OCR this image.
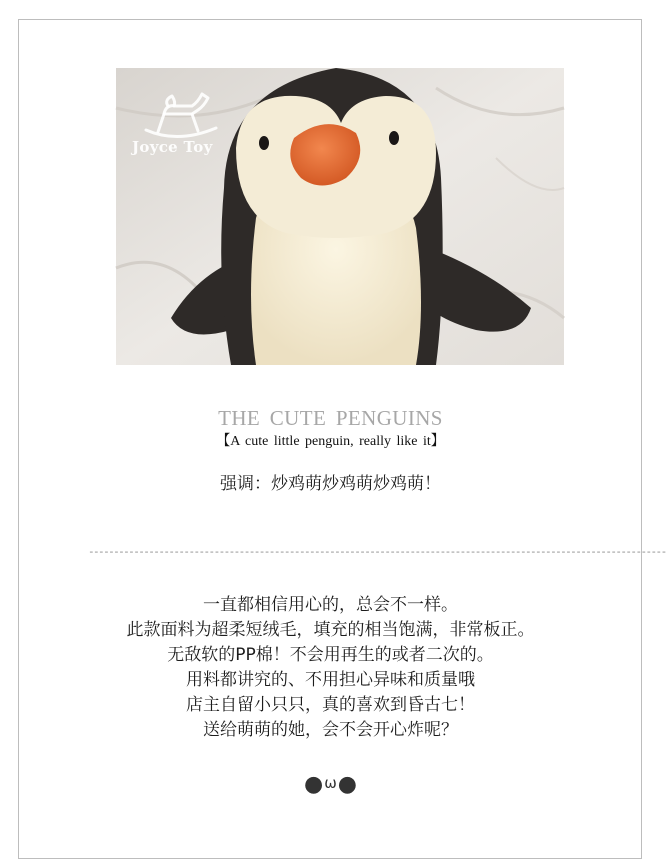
Joyce Toy
THE CUTE PENGUINS
【A cute little penguin, really like it】
强调：炒鸡萌炒鸡萌炒鸡萌！
-------------------------------------------------------------------------------------------------------------------
一直都相信用心的，总会不一样。
此款面料为超柔短绒毛，填充的相当饱满，非常板正。
无敌软的PP棉！不会用再生的或者二次的。
用料都讲究的、不用担心异味和质量哦
店主自留小只只，真的喜欢到昏古七！
送给萌萌的她，会不会开心炸呢？
●ω●
